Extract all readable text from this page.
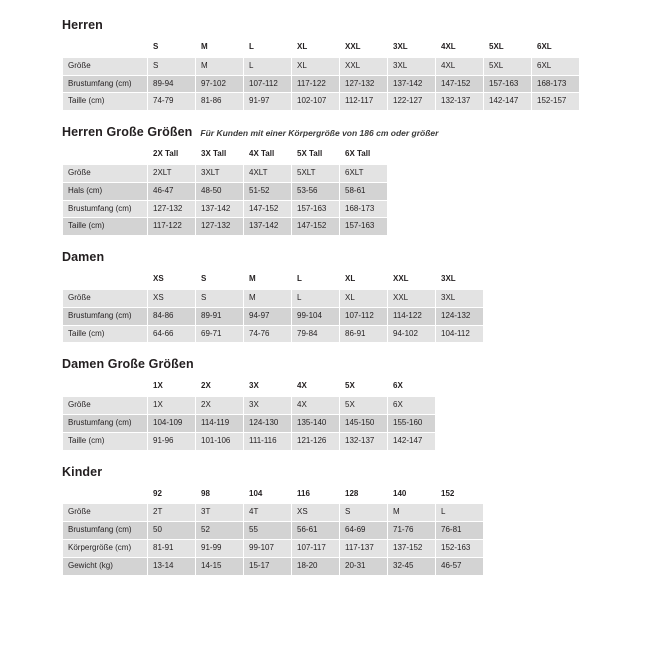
Herren
	S	M	L	XL	XXL	3XL	4XL	5XL	6XL
Größe	S	M	L	XL	XXL	3XL	4XL	5XL	6XL
Brustumfang (cm)	89-94	97-102	107-112	117-122	127-132	137-142	147-152	157-163	168-173
Taille (cm)	74-79	81-86	91-97	102-107	112-117	122-127	132-137	142-147	152-157
Herren Große Größen Für Kunden mit einer Körpergröße von 186 cm oder größer
	2X Tall	3X Tall	4X Tall	5X Tall	6X Tall
Größe	2XLT	3XLT	4XLT	5XLT	6XLT
Hals (cm)	46-47	48-50	51-52	53-56	58-61
Brustumfang (cm)	127-132	137-142	147-152	157-163	168-173
Taille (cm)	117-122	127-132	137-142	147-152	157-163
Damen
	XS	S	M	L	XL	XXL	3XL
Größe	XS	S	M	L	XL	XXL	3XL
Brustumfang (cm)	84-86	89-91	94-97	99-104	107-112	114-122	124-132
Taille (cm)	64-66	69-71	74-76	79-84	86-91	94-102	104-112
Damen Große Größen
	1X	2X	3X	4X	5X	6X
Größe	1X	2X	3X	4X	5X	6X
Brustumfang (cm)	104-109	114-119	124-130	135-140	145-150	155-160
Taille (cm)	91-96	101-106	111-116	121-126	132-137	142-147
Kinder
	92	98	104	116	128	140	152
Größe	2T	3T	4T	XS	S	M	L
Brustumfang (cm)	50	52	55	56-61	64-69	71-76	76-81
Körpergröße (cm)	81-91	91-99	99-107	107-117	117-137	137-152	152-163
Gewicht (kg)	13-14	14-15	15-17	18-20	20-31	32-45	46-57
